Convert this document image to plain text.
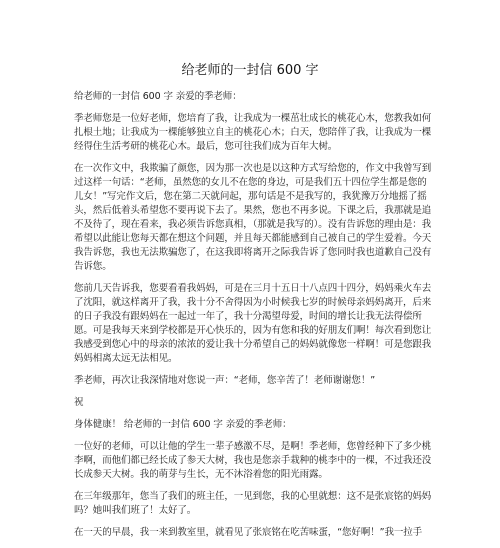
给老师的一封信 600 字

给老师的一封信 600 字 亲爱的季老师：

季老师您是一位好老师，您培育了我，让我成为一棵茁壮成长的桃花心木，您教我如何扎根土地；让我成为一棵能够独立自主的桃花心木；白天，您陪伴了我，让我成为一棵经得住生活考研的桃花心木。最后，您可往我们成为百年大树。

在一次作文中，我欺骗了颜您，因为那一次也是以这种方式写给您的，作文中我曾写到过这样一句话：“老师，虽然您的女儿不在您的身边，可是我们五十四位学生都是您的儿女！”写完作文后，您在第二天就问起，那句话是不是我写的，我犹豫万分地摇了摇头，然后低着头希望您不要再说下去了。果然，您也不再多说。下课之后，我那就是追不及待了，现在看来，我必须告诉您真相，（那就是我写的）。没有告诉您的理由是：我希望以此能让您每天都在想这个问题，并且每天都能感到自己被自己的学生爱着。今天我告诉您，我也无法欺骗您了，在这我即将离开之际我告诉了您同时我也道歉自己没有告诉您。

您前几天告诉我，您要看看我妈妈，可是在三月十五日十八点四十四分，妈妈乘火车去了沈阳，就这样离开了我，我十分不舍得因为小时候我七岁的时候母亲妈妈离开，后来的日子我没有跟妈妈在一起过一年了，我十分渴望母爱，时间的增长让我无法得偿所愿。可是我每天来到学校都是开心快乐的，因为有您和我的好朋友们啊！每次看到您让我感受到您心中的母亲的浓浓的爱让我十分希望自己的妈妈就像您一样啊！可是您跟我妈妈相离太远无法相见。

季老师，再次让我深情地对您说一声：“老师，您辛苦了！老师谢谢您！”

祝

身体健康！ 给老师的一封信 600 字 亲爱的季老师：

一位好的老师，可以让他的学生一辈子感激不尽，是啊！季老师，您曾经种下了多少桃李啊，而他们都已经长成了参天大树，我也是您亲手栽种的桃李中的一棵，不过我还没长成参天大树。我的萌芽与生长，无不沐浴着您的阳光雨露。

在三年级那年，您当了我们的班主任，一见到您，我的心里就想：这不是张宸铭的妈妈吗？她叫我们班了！太好了。

在一天的早晨，我一来到教室里，就看见了张宸铭在吃苦味蛋，“您好啊！”我一拉手
